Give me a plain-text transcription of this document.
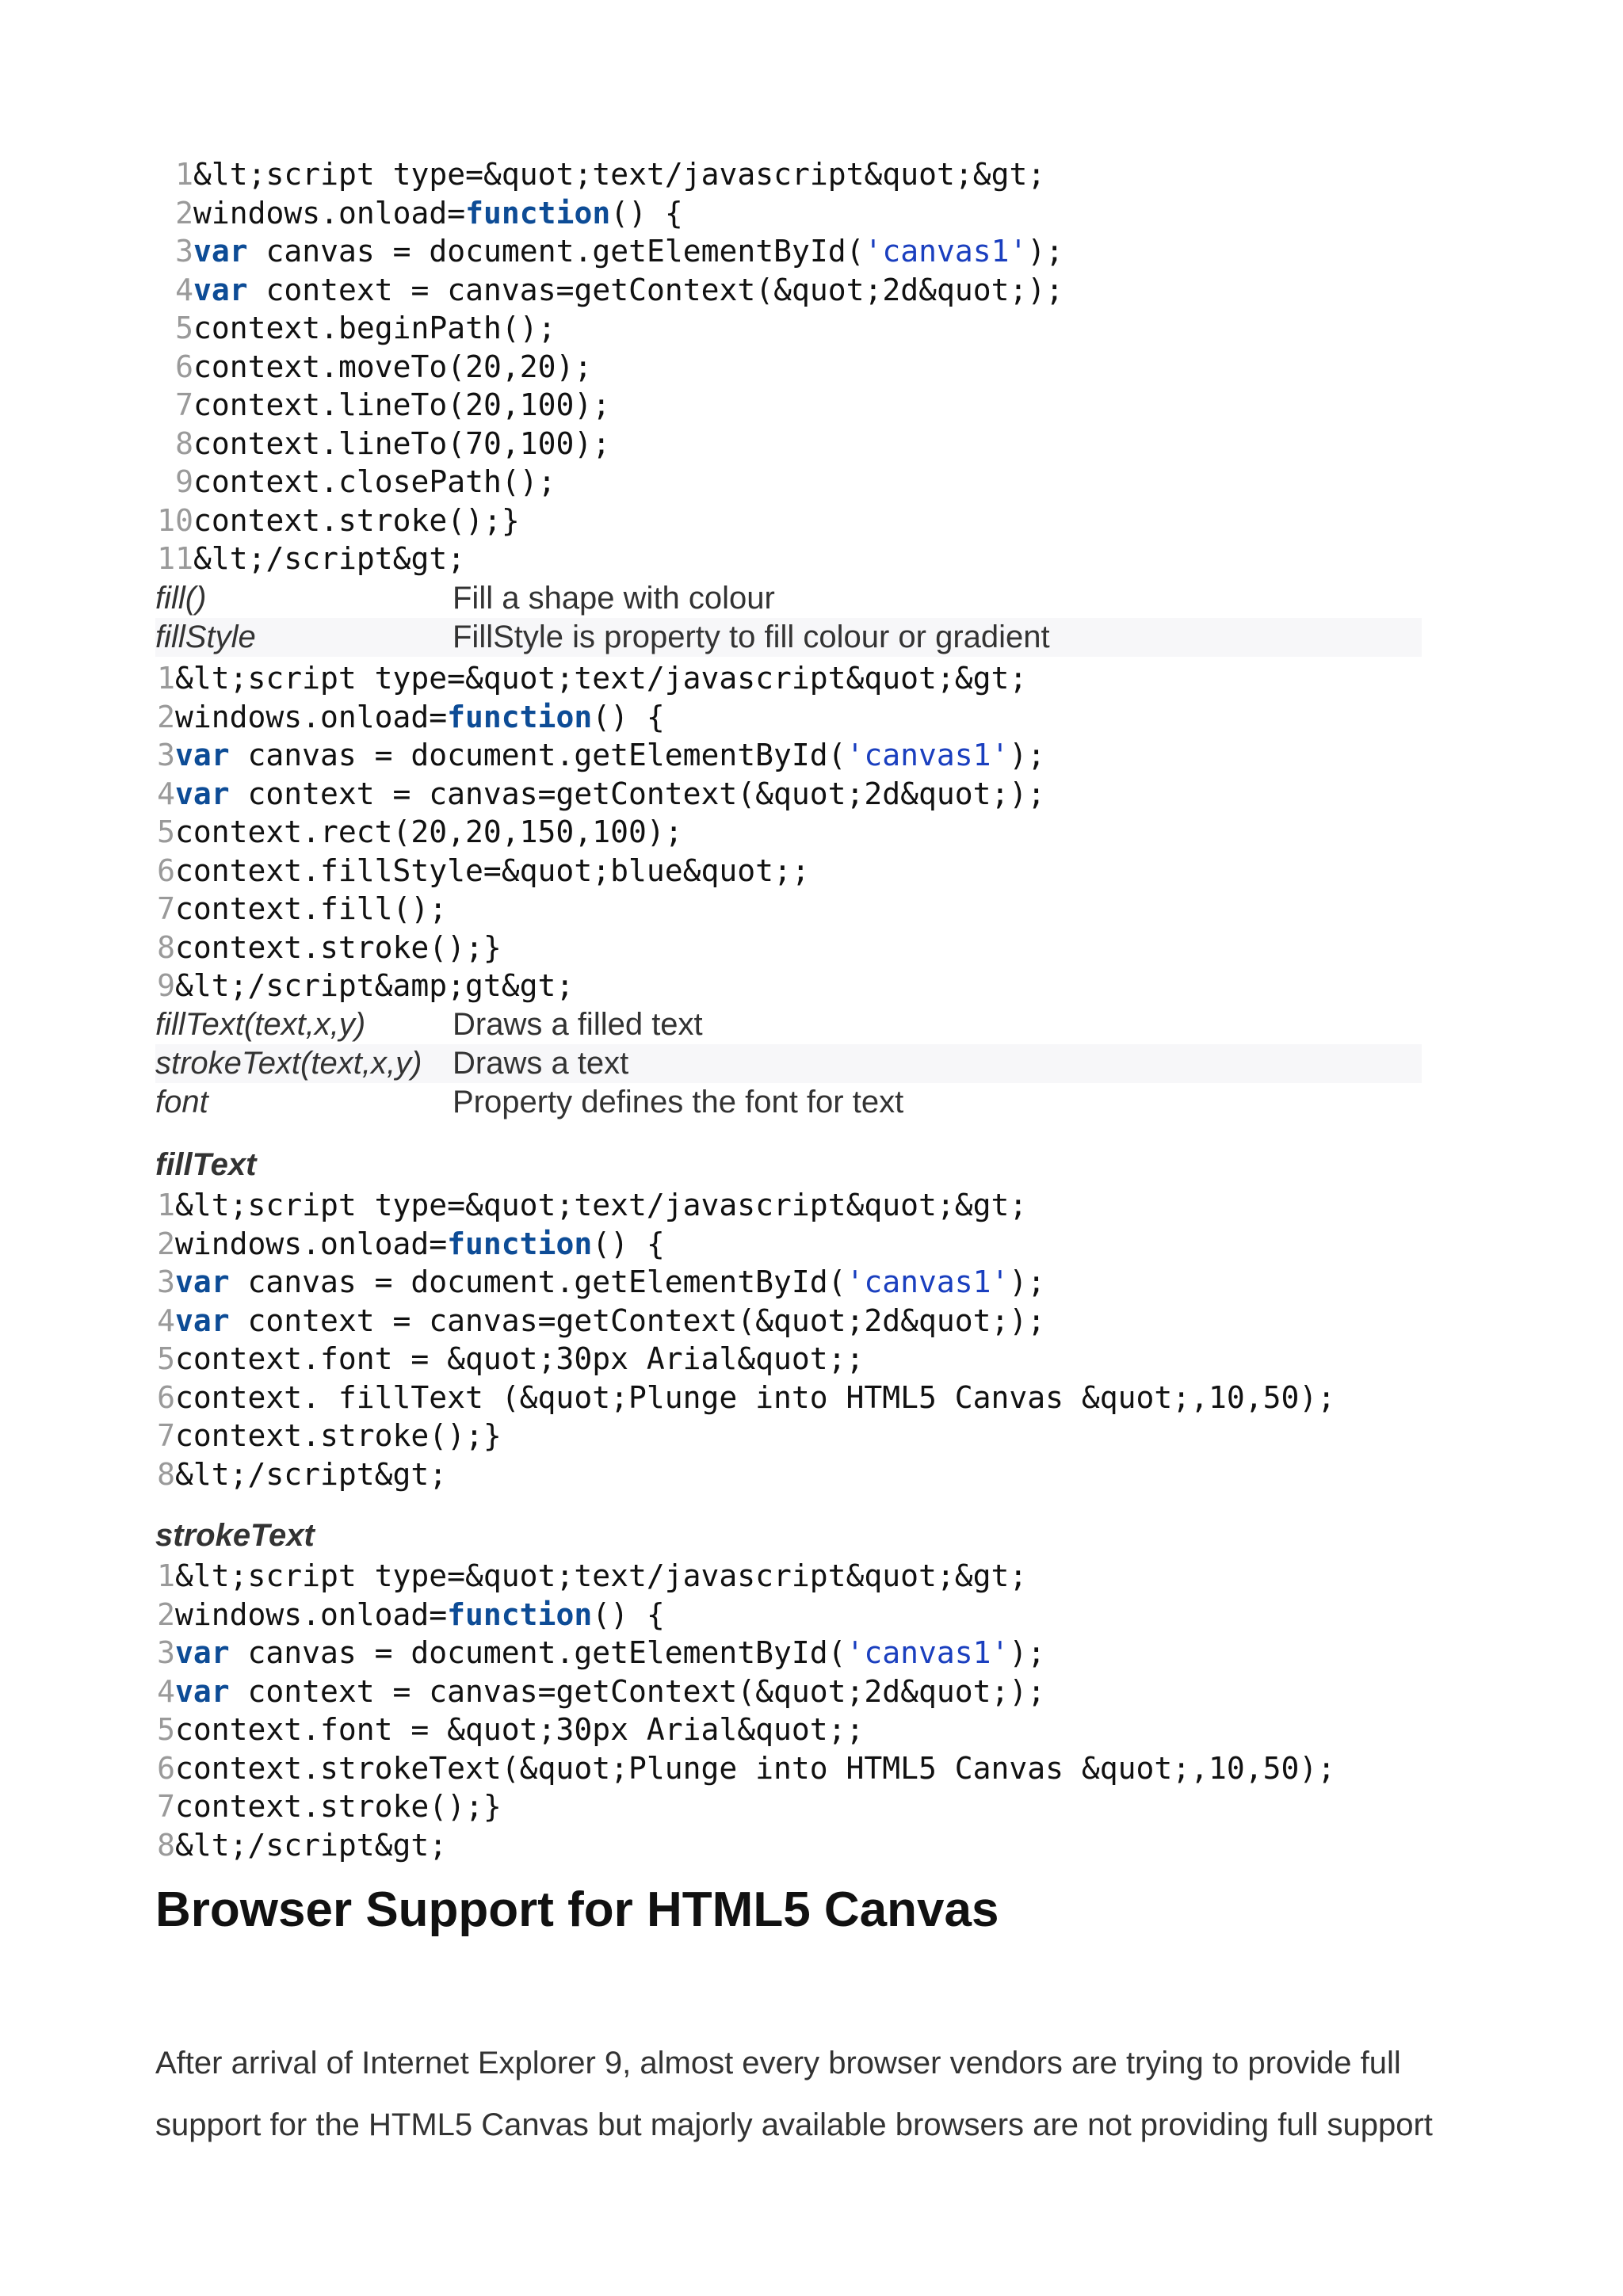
1&lt;script type=&quot;text/javascript&quot;&gt;
2windows.onload=function() {
3var canvas = document.getElementById('canvas1');
4var context = canvas=getContext(&quot;2d&quot;);
5context.beginPath();
6context.moveTo(20,20);
7context.lineTo(20,100);
8context.lineTo(70,100);
9context.closePath();
10context.stroke();}
11&lt;/script&gt;
fill()	Fill a shape with colour
fillStyle	FillStyle is property to fill colour or gradient
1&lt;script type=&quot;text/javascript&quot;&gt;
2windows.onload=function() {
3var canvas = document.getElementById('canvas1');
4var context = canvas=getContext(&quot;2d&quot;);
5context.rect(20,20,150,100);
6context.fillStyle=&quot;blue&quot;;
7context.fill();
8context.stroke();}
9&lt;/script&amp;gt&gt;
fillText(text,x,y)	Draws a filled text
strokeText(text,x,y) Draws a text
font	Property defines the font for text
fillText
1&lt;script type=&quot;text/javascript&quot;&gt;
2windows.onload=function() {
3var canvas = document.getElementById('canvas1');
4var context = canvas=getContext(&quot;2d&quot;);
5context.font = &quot;30px Arial&quot;;
6context. fillText (&quot;Plunge into HTML5 Canvas &quot;,10,50);
7context.stroke();}
8&lt;/script&gt;
strokeText
1&lt;script type=&quot;text/javascript&quot;&gt;
2windows.onload=function() {
3var canvas = document.getElementById('canvas1');
4var context = canvas=getContext(&quot;2d&quot;);
5context.font = &quot;30px Arial&quot;;
6context.strokeText(&quot;Plunge into HTML5 Canvas &quot;,10,50);
7context.stroke();}
8&lt;/script&gt;
Browser Support for HTML5 Canvas

After arrival of Internet Explorer 9, almost every browser vendors are trying to provide full

support for the HTML5 Canvas but majorly available browsers are not providing full support
